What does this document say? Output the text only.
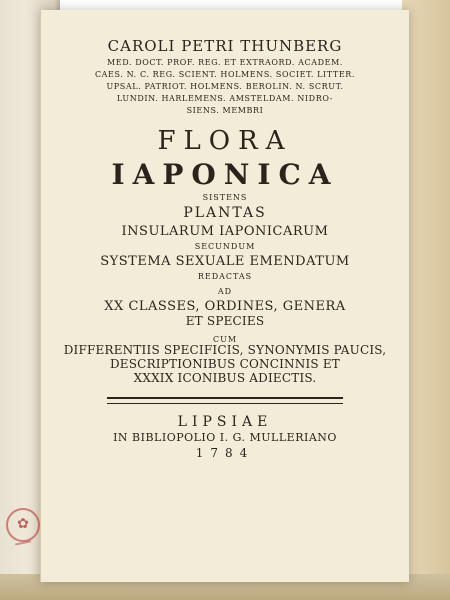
CAROLI PETRI THUNBERG
MED. DOCT. PROF. REG. ET EXTRAORD. ACADEM.
CAES. N. C. REG. SCIENT. HOLMENS. SOCIET. LITTER.
UPSAL. PATRIOT. HOLMENS. BEROLIN. N. SCRUT.
LUNDIN. HARLEMENS. AMSTELDAM. NIDRO-
SIENS. MEMBRI
FLORA
IAPONICA
SISTENS
PLANTAS
INSULARUM IAPONICARUM
SECUNDUM
SYSTEMA SEXUALE EMENDATUM
REDACTAS
AD
XX CLASSES, ORDINES, GENERA
ET SPECIES
CUM
DIFFERENTIIS SPECIFICIS, SYNONYMIS PAUCIS,
DESCRIPTIONIBUS CONCINNIS ET
XXXIX ICONIBUS ADIECTIS.
LIPSIAE
IN BIBLIOPOLIO I. G. MULLERIANO
1784
✿
